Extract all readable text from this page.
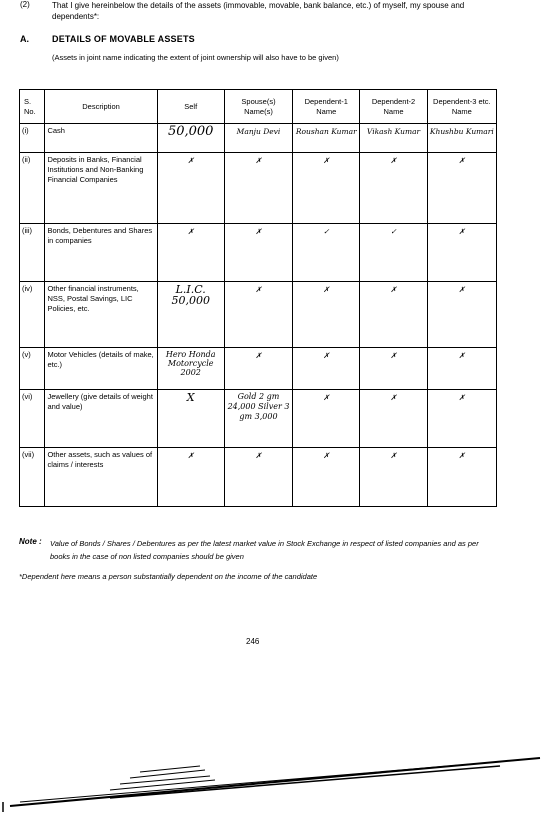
(2)	That I give hereinbelow the details of the assets (immovable, movable, bank balance, etc.) of myself, my spouse and dependents*:
A.	DETAILS OF MOVABLE ASSETS
(Assets in joint name indicating the extent of joint ownership will also have to be given)
S. No.	Description	Self	Spouse(s) Name(s)	Dependent-1 Name	Dependent-2 Name	Dependent-3 etc. Name
(i)	Cash	50,000	Manju Devi	Roushan Kumar	Vikash Kumar	Khushbu Kumari
(ii)	Deposits in Banks, Financial Institutions and Non-Banking Financial Companies	✗	✗	✗	✗	✗
(iii)	Bonds, Debentures and Shares in companies	✗	✗	✓	✓	✗
(iv)	Other financial instruments, NSS, Postal Savings, LIC Policies, etc.	L.I.C. 50,000	✗	✗	✗	✗
(v)	Motor Vehicles (details of make, etc.)	Hero Honda Motorcycle 2002	✗	✗	✗	✗
(vi)	Jewellery (give details of weight and value)	X	Gold 2 gm 24,000 Silver 3 gm 3,000	✗	✗	✗
(vii)	Other assets, such as values of claims / interests	✗	✗	✗	✗	✗
Note : Value of Bonds / Shares / Debentures as per the latest market value in Stock Exchange in respect of listed companies and as per books in the case of non listed companies should be given
*Dependent here means a person substantially dependent on the income of the candidate
246
